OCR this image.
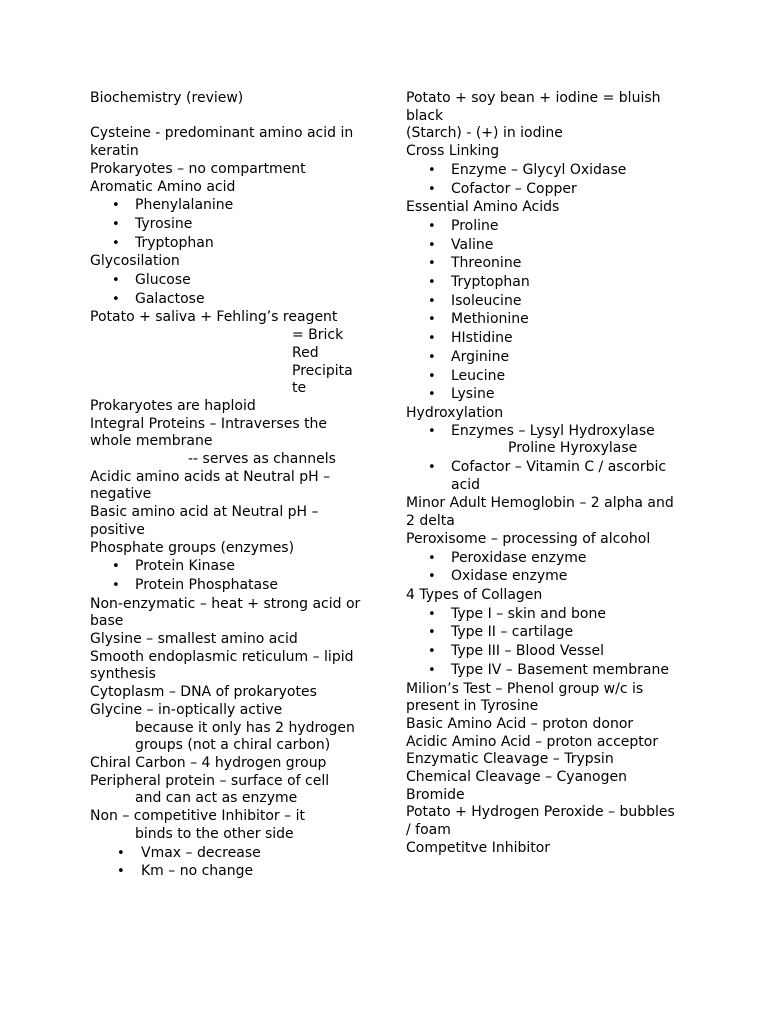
Biochemistry (review)
Cysteine - predominant amino acid in keratin
Prokaryotes – no compartment
Aromatic Amino acid
• Phenylalanine
• Tyrosine
• Tryptophan
Glycosilation
• Glucose
• Galactose
Potato + saliva + Fehling’s reagent
= Brick Red Precipitate
Prokaryotes are haploid
Integral Proteins – Intraverses the whole membrane
-- serves as channels
Acidic amino acids at Neutral pH – negative
Basic amino acid at Neutral pH – positive
Phosphate groups (enzymes)
• Protein Kinase
• Protein Phosphatase
Non-enzymatic – heat + strong acid or base
Glysine – smallest amino acid
Smooth endoplasmic reticulum – lipid synthesis
Cytoplasm – DNA of prokaryotes
Glycine – in-optically active
because it only has 2 hydrogen groups (not a chiral carbon)
Chiral Carbon – 4 hydrogen group
Peripheral protein – surface of cell
and can act as enzyme
Non – competitive Inhibitor – it
binds to the other side
• Vmax – decrease
• Km – no change
Potato + soy bean + iodine = bluish black
(Starch) - (+) in iodine
Cross Linking
• Enzyme – Glycyl Oxidase
• Cofactor – Copper
Essential Amino Acids
• Proline
• Valine
• Threonine
• Tryptophan
• Isoleucine
• Methionine
• HIstidine
• Arginine
• Leucine
• Lysine
Hydroxylation
• Enzymes – Lysyl Hydroxylase
Proline Hyroxylase
• Cofactor – Vitamin C / ascorbic acid
Minor Adult Hemoglobin – 2 alpha and 2 delta
Peroxisome – processing of alcohol
• Peroxidase enzyme
• Oxidase enzyme
4 Types of Collagen
• Type I – skin and bone
• Type II – cartilage
• Type III – Blood Vessel
• Type IV – Basement membrane
Milion’s Test – Phenol group w/c is present in Tyrosine
Basic Amino Acid – proton donor
Acidic Amino Acid – proton acceptor
Enzymatic Cleavage – Trypsin
Chemical Cleavage – Cyanogen Bromide
Potato + Hydrogen Peroxide – bubbles / foam
Competitve Inhibitor
